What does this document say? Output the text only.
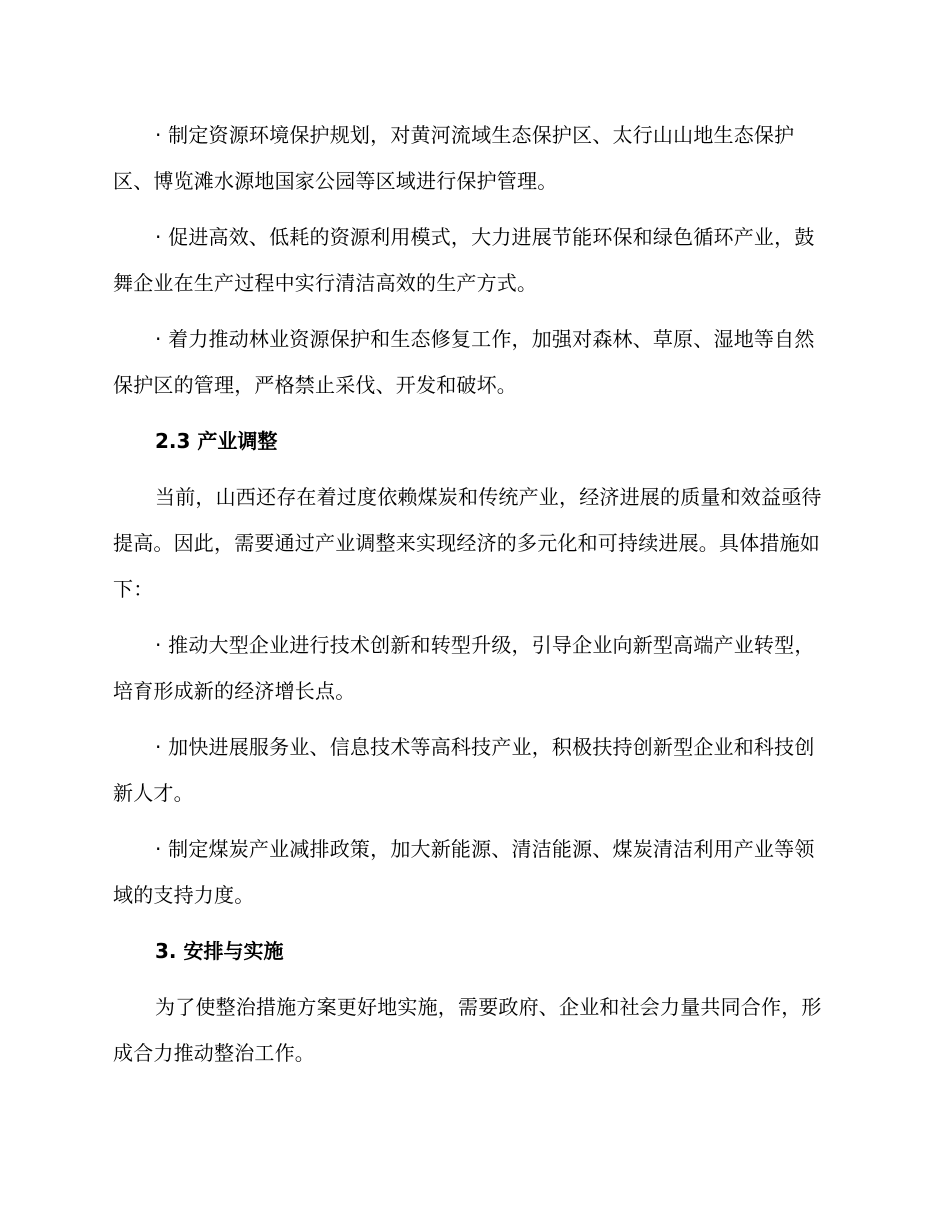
· 制定资源环境保护规划，对黄河流域生态保护区、太行山山地生态保护区、博览滩水源地国家公园等区域进行保护管理。

· 促进高效、低耗的资源利用模式，大力进展节能环保和绿色循环产业，鼓舞企业在生产过程中实行清洁高效的生产方式。

· 着力推动林业资源保护和生态修复工作，加强对森林、草原、湿地等自然保护区的管理，严格禁止采伐、开发和破坏。

2.3 产业调整

当前，山西还存在着过度依赖煤炭和传统产业，经济进展的质量和效益亟待提高。因此，需要通过产业调整来实现经济的多元化和可持续进展。具体措施如下：

· 推动大型企业进行技术创新和转型升级，引导企业向新型高端产业转型，培育形成新的经济增长点。

· 加快进展服务业、信息技术等高科技产业，积极扶持创新型企业和科技创新人才。

· 制定煤炭产业减排政策，加大新能源、清洁能源、煤炭清洁利用产业等领域的支持力度。

3. 安排与实施

为了使整治措施方案更好地实施，需要政府、企业和社会力量共同合作，形成合力推动整治工作。
